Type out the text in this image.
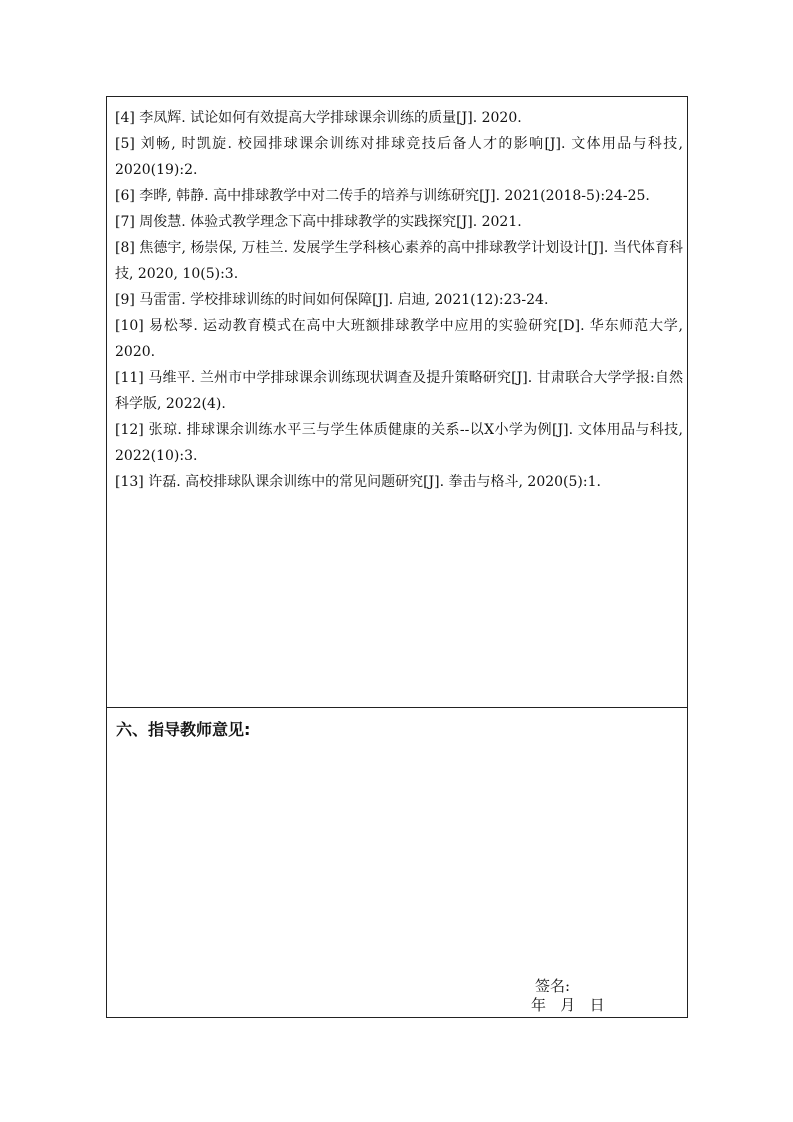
[4] 李凤辉. 试论如何有效提高大学排球课余训练的质量[J]. 2020.
[5] 刘畅, 时凯旋. 校园排球课余训练对排球竞技后备人才的影响[J]. 文体用品与科技, 2020(19):2.
[6] 李晔, 韩静. 高中排球教学中对二传手的培养与训练研究[J]. 2021(2018-5):24-25.
[7] 周俊慧. 体验式教学理念下高中排球教学的实践探究[J]. 2021.
[8] 焦德宇, 杨崇保, 万桂兰. 发展学生学科核心素养的高中排球教学计划设计[J]. 当代体育科技, 2020, 10(5):3.
[9] 马雷雷. 学校排球训练的时间如何保障[J]. 启迪, 2021(12):23-24.
[10] 易松琴. 运动教育模式在高中大班额排球教学中应用的实验研究[D]. 华东师范大学, 2020.
[11] 马维平. 兰州市中学排球课余训练现状调查及提升策略研究[J]. 甘肃联合大学学报:自然科学版, 2022(4).
[12] 张琼. 排球课余训练水平三与学生体质健康的关系--以X小学为例[J]. 文体用品与科技, 2022(10):3.
[13] 许磊. 高校排球队课余训练中的常见问题研究[J]. 拳击与格斗, 2020(5):1.
六、指导教师意见:
签名:
年   月   日
